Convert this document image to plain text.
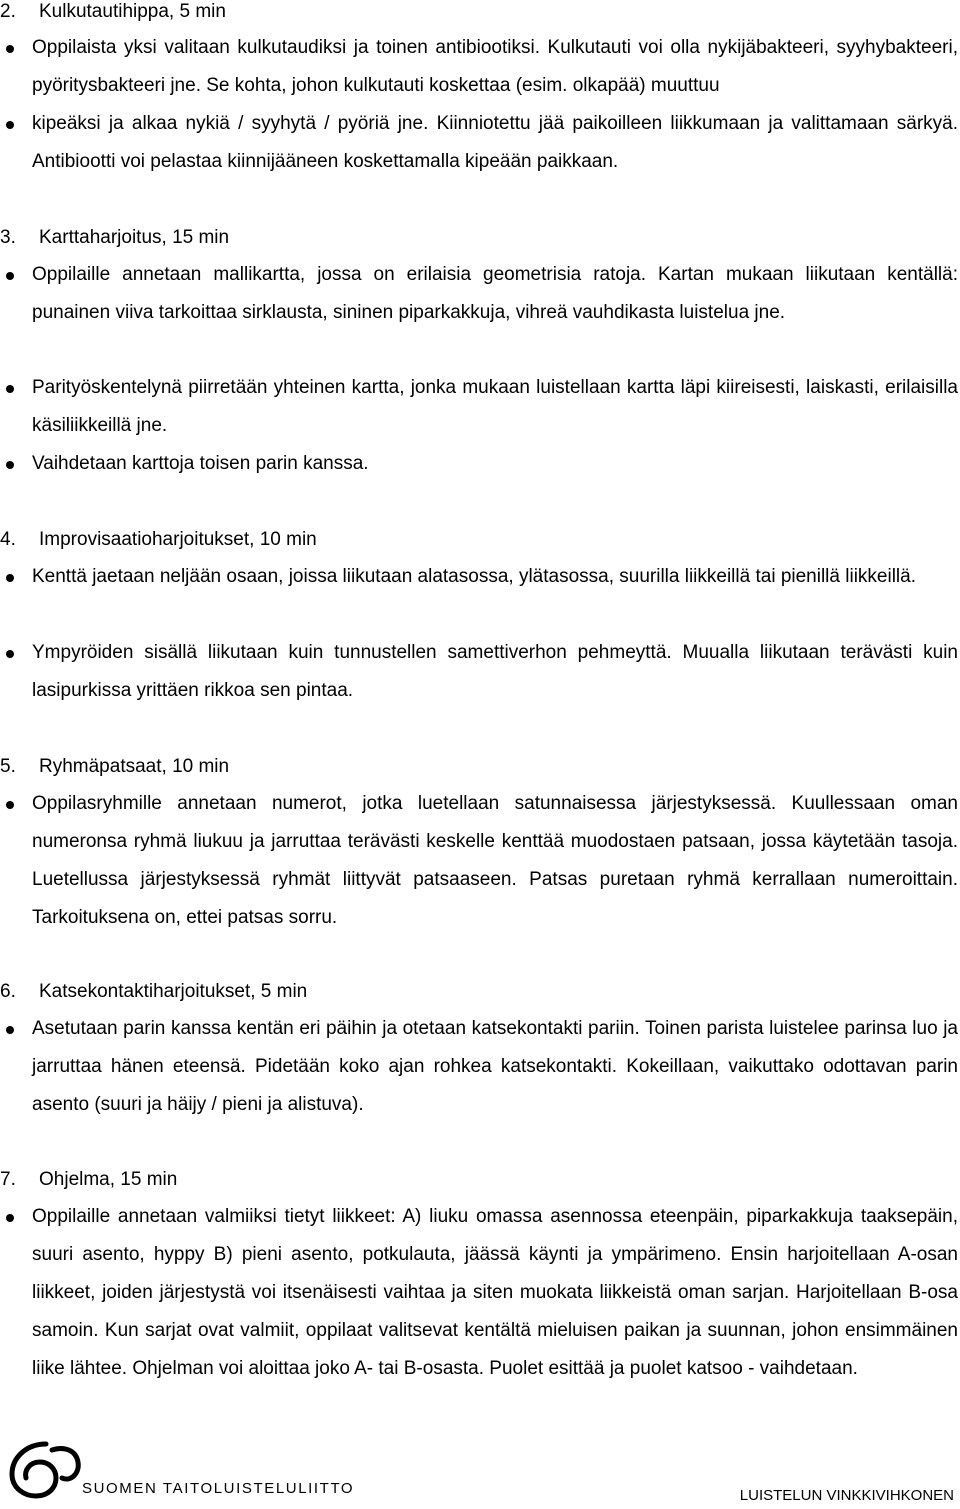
2. Kulkutautihippa, 5 min
Oppilaista yksi valitaan kulkutaudiksi ja toinen antibiootiksi. Kulkutauti voi olla nykijäbakteeri, syyhybakteeri, pyöritysbakteeri jne. Se kohta, johon kulkutauti koskettaa (esim. olkapää) muuttuu
kipeäksi ja alkaa nykiä / syyhytä / pyöriä jne. Kiinniotettu jää paikoilleen liikkumaan ja valittamaan särkyä. Antibiootti voi pelastaa kiinnijääneen koskettamalla kipeään paikkaan.
3. Karttaharjoitus, 15 min
Oppilaille annetaan mallikartta, jossa on erilaisia geometrisia ratoja. Kartan mukaan liikutaan kentällä: punainen viiva tarkoittaa sirklausta, sininen piparkakkuja, vihreä vauhdikasta luistelua jne.
Parityöskentelynä piirretään yhteinen kartta, jonka mukaan luistellaan kartta läpi kiireisesti, laiskasti, erilaisilla käsiliikkeillä jne.
Vaihdetaan karttoja toisen parin kanssa.
4. Improvisaatioharjoitukset, 10 min
Kenttä jaetaan neljään osaan, joissa liikutaan alatasossa, ylätasossa, suurilla liikkeillä tai pienillä liikkeillä.
Ympyröiden sisällä liikutaan kuin tunnustellen samettiverhon pehmeyttä. Muualla liikutaan terävästi kuin lasipurkissa yrittäen rikkoa sen pintaa.
5. Ryhmäpatsaat, 10 min
Oppilasryhmille annetaan numerot, jotka luetellaan satunnaisessa järjestyksessä. Kuullessaan oman numeronsa ryhmä liukuu ja jarruttaa terävästi keskelle kenttää muodostaen patsaan, jossa käytetään tasoja. Luetellussa järjestyksessä ryhmät liittyvät patsaaseen. Patsas puretaan ryhmä kerrallaan numeroittain. Tarkoituksena on, ettei patsas sorru.
6. Katsekontaktiharjoitukset, 5 min
Asetutaan parin kanssa kentän eri päihin ja otetaan katsekontakti pariin. Toinen parista luistelee parinsa luo ja jarruttaa hänen eteensä. Pidetään koko ajan rohkea katsekontakti. Kokeillaan, vaikuttako odottavan parin asento (suuri ja häijy / pieni ja alistuva).
7. Ohjelma, 15 min
Oppilaille annetaan valmiiksi tietyt liikkeet: A) liuku omassa asennossa eteenpäin, piparkakkuja taaksepäin, suuri asento, hyppy B) pieni asento, potkulauta, jäässä käynti ja ympärimeno. Ensin harjoitellaan A-osan liikkeet, joiden järjestystä voi itsenäisesti vaihtaa ja siten muokata liikkeistä oman sarjan. Harjoitellaan B-osa samoin. Kun sarjat ovat valmiit, oppilaat valitsevat kentältä mieluisen paikan ja suunnan, johon ensimmäinen liike lähtee. Ohjelman voi aloittaa joko A- tai B-osasta. Puolet esittää ja puolet katsoo - vaihdetaan.
SUOMEN TAITOLUISTELULIITTO	LUISTELUN VINKKIVIHKONEN
